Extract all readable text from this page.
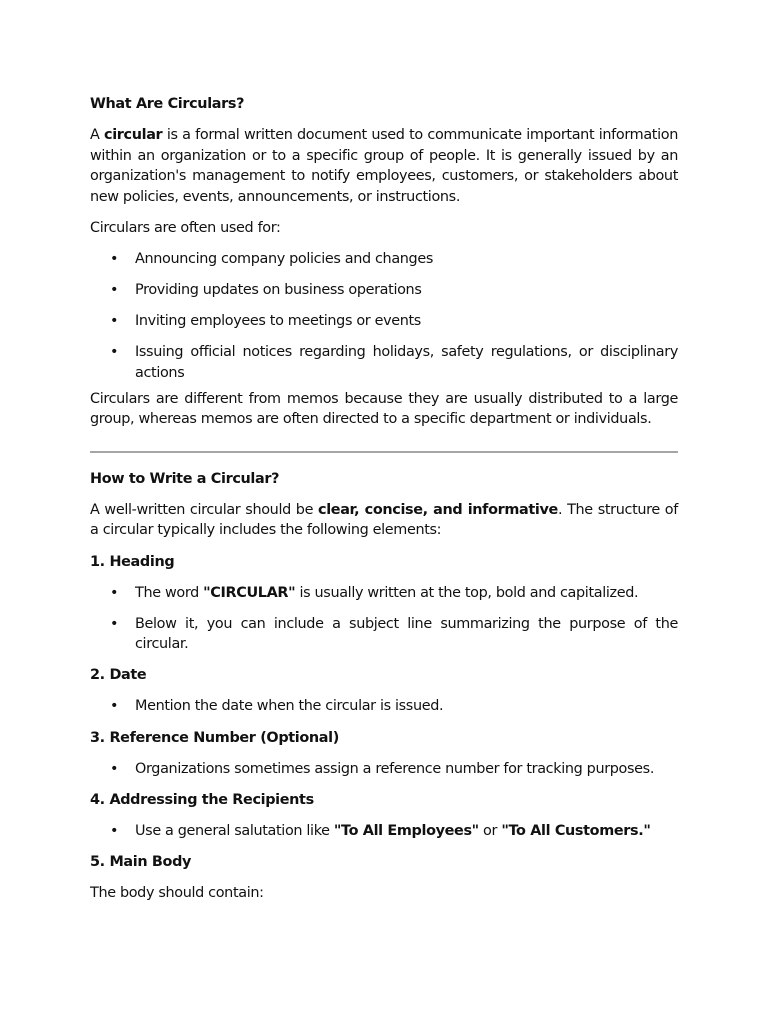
What Are Circulars?
A circular is a formal written document used to communicate important information within an organization or to a specific group of people. It is generally issued by an organization's management to notify employees, customers, or stakeholders about new policies, events, announcements, or instructions.
Circulars are often used for:
• Announcing company policies and changes
• Providing updates on business operations
• Inviting employees to meetings or events
• Issuing official notices regarding holidays, safety regulations, or disciplinary actions
Circulars are different from memos because they are usually distributed to a large group, whereas memos are often directed to a specific department or individuals.
How to Write a Circular?
A well-written circular should be clear, concise, and informative. The structure of a circular typically includes the following elements:
1. Heading
• The word "CIRCULAR" is usually written at the top, bold and capitalized.
• Below it, you can include a subject line summarizing the purpose of the circular.
2. Date
• Mention the date when the circular is issued.
3. Reference Number (Optional)
• Organizations sometimes assign a reference number for tracking purposes.
4. Addressing the Recipients
• Use a general salutation like "To All Employees" or "To All Customers."
5. Main Body
The body should contain:
